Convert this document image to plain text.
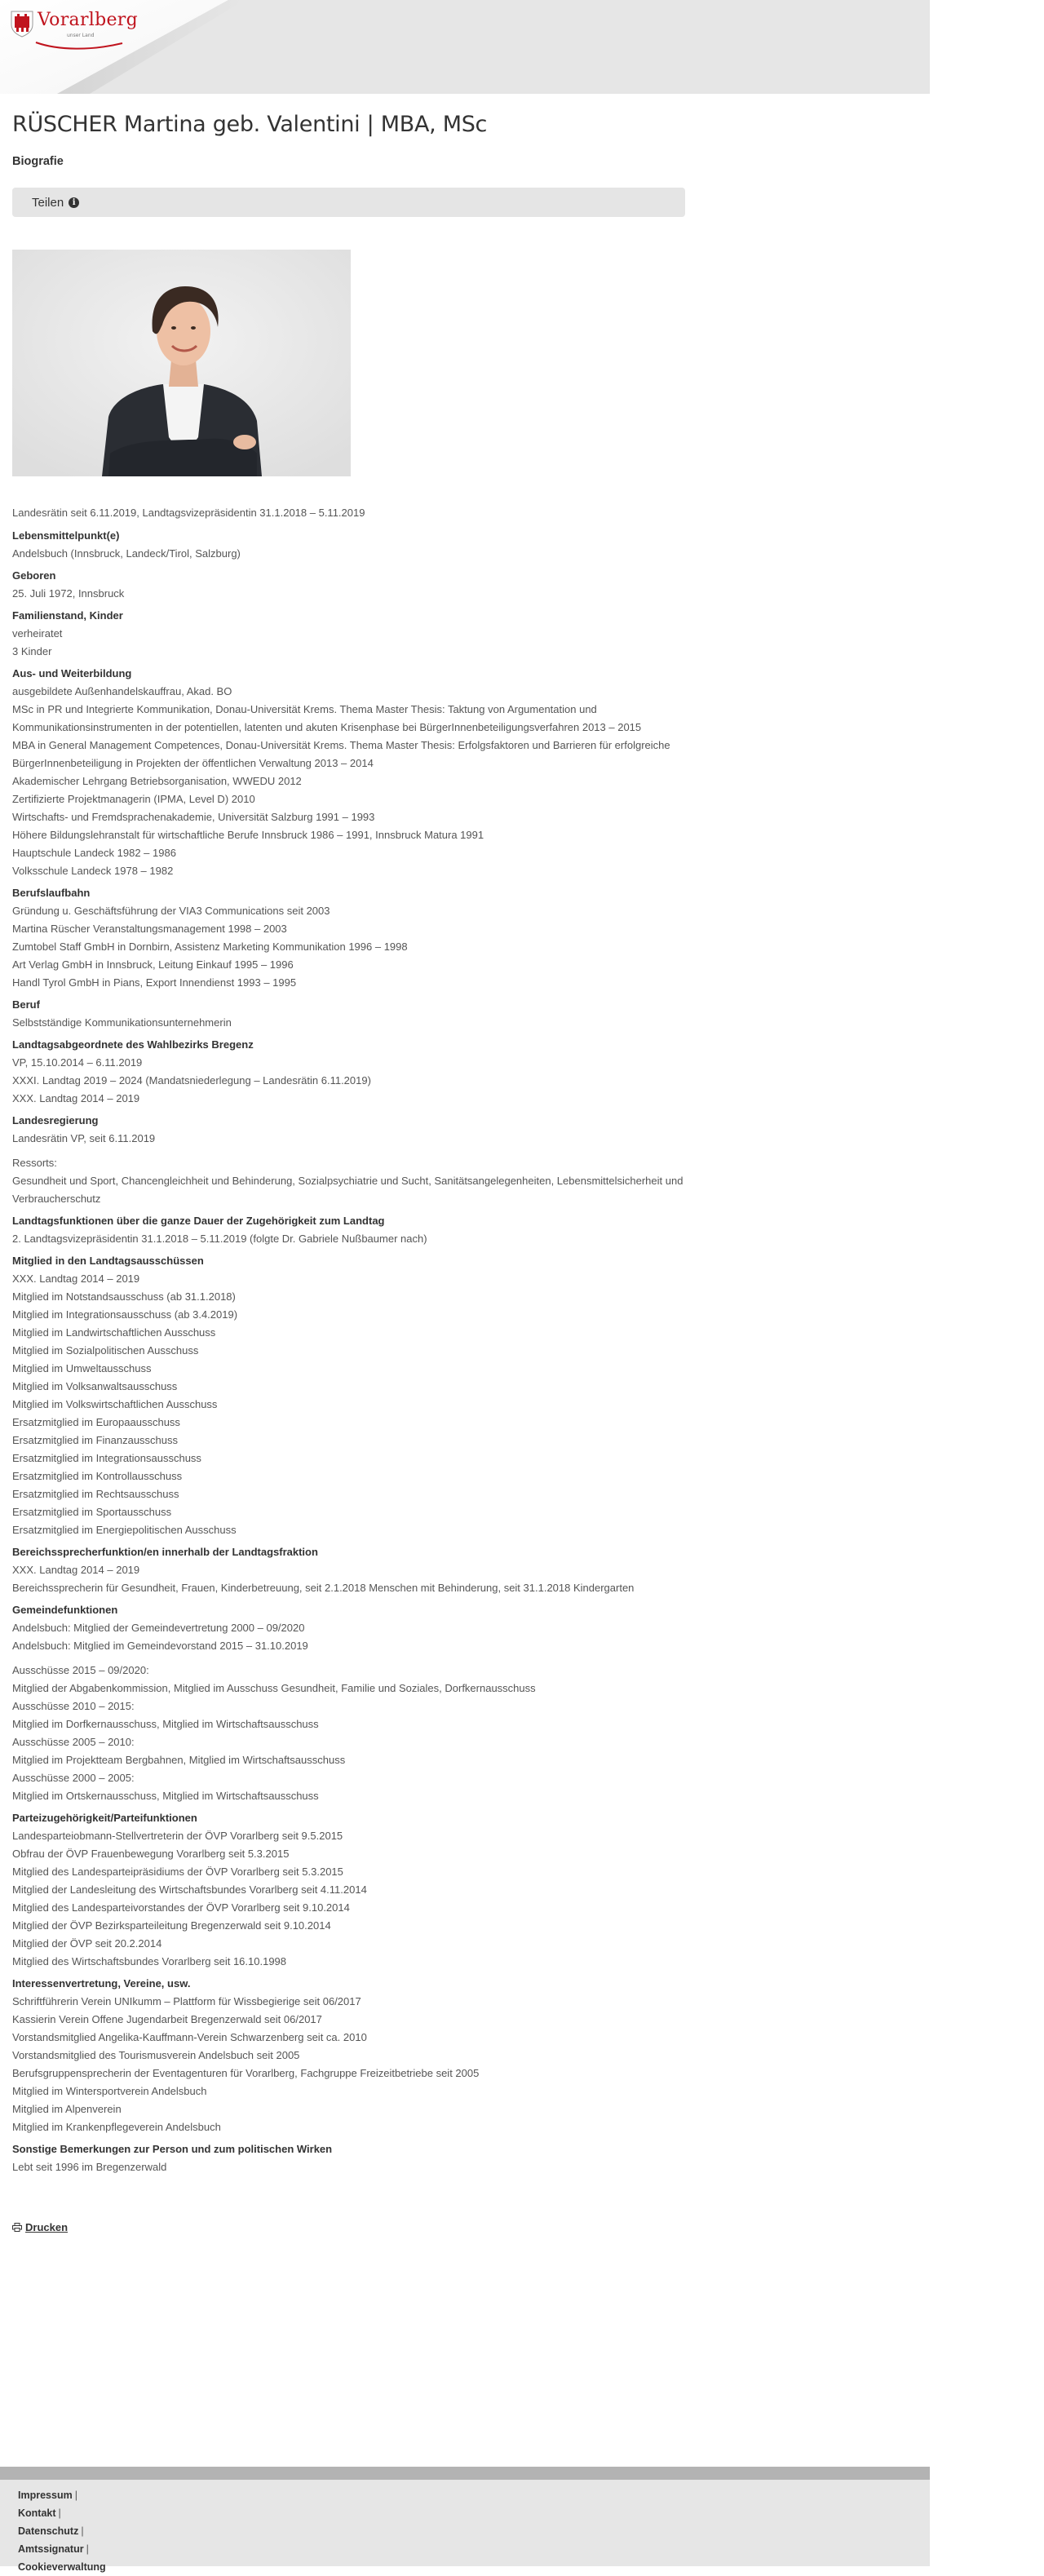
Vorarlberg
unser Land
RÜSCHER Martina geb. Valentini | MBA, MSc
Biografie
Teilen	i
Landesrätin seit 6.11.2019, Landtagsvizepräsidentin 31.1.2018 – 5.11.2019
Lebensmittelpunkt(e)
Andelsbuch (Innsbruck, Landeck/Tirol, Salzburg)
Geboren
25. Juli 1972, Innsbruck
Familienstand, Kinder
verheiratet
3 Kinder
Aus- und Weiterbildung
ausgebildete Außenhandelskauffrau, Akad. BO
MSc in PR und Integrierte Kommunikation, Donau-Universität Krems. Thema Master Thesis: Taktung von Argumentation und Kommunikationsinstrumenten in der potentiellen, latenten und akuten Krisenphase bei BürgerInnenbeteiligungsverfahren 2013 – 2015
MBA in General Management Competences, Donau-Universität Krems. Thema Master Thesis: Erfolgsfaktoren und Barrieren für erfolgreiche BürgerInnenbeteiligung in Projekten der öffentlichen Verwaltung 2013 – 2014
Akademischer Lehrgang Betriebsorganisation, WWEDU 2012
Zertifizierte Projektmanagerin (IPMA, Level D) 2010
Wirtschafts- und Fremdsprachenakademie, Universität Salzburg 1991 – 1993
Höhere Bildungslehranstalt für wirtschaftliche Berufe Innsbruck 1986 – 1991, Innsbruck Matura 1991
Hauptschule Landeck 1982 – 1986
Volksschule Landeck 1978 – 1982
Berufslaufbahn
Gründung u. Geschäftsführung der VIA3 Communications seit 2003
Martina Rüscher Veranstaltungsmanagement 1998 – 2003
Zumtobel Staff GmbH in Dornbirn, Assistenz Marketing Kommunikation 1996 – 1998
Art Verlag GmbH in Innsbruck, Leitung Einkauf 1995 – 1996
Handl Tyrol GmbH in Pians, Export Innendienst 1993 – 1995
Beruf
Selbstständige Kommunikationsunternehmerin
Landtagsabgeordnete des Wahlbezirks Bregenz
VP, 15.10.2014 – 6.11.2019
XXXI. Landtag 2019 – 2024 (Mandatsniederlegung – Landesrätin 6.11.2019)
XXX. Landtag 2014 – 2019
Landesregierung
Landesrätin VP, seit 6.11.2019
Ressorts:
Gesundheit und Sport, Chancengleichheit und Behinderung, Sozialpsychiatrie und Sucht, Sanitätsangelegenheiten, Lebensmittelsicherheit und Verbraucherschutz
Landtagsfunktionen über die ganze Dauer der Zugehörigkeit zum Landtag
2. Landtagsvizepräsidentin 31.1.2018 – 5.11.2019 (folgte Dr. Gabriele Nußbaumer nach)
Mitglied in den Landtagsausschüssen
XXX. Landtag 2014 – 2019
Mitglied im Notstandsausschuss (ab 31.1.2018)
Mitglied im Integrationsausschuss (ab 3.4.2019)
Mitglied im Landwirtschaftlichen Ausschuss
Mitglied im Sozialpolitischen Ausschuss
Mitglied im Umweltausschuss
Mitglied im Volksanwaltsausschuss
Mitglied im Volkswirtschaftlichen Ausschuss
Ersatzmitglied im Europaausschuss
Ersatzmitglied im Finanzausschuss
Ersatzmitglied im Integrationsausschuss
Ersatzmitglied im Kontrollausschuss
Ersatzmitglied im Rechtsausschuss
Ersatzmitglied im Sportausschuss
Ersatzmitglied im Energiepolitischen Ausschuss
Bereichssprecherfunktion/en innerhalb der Landtagsfraktion
XXX. Landtag 2014 – 2019
Bereichssprecherin für Gesundheit, Frauen, Kinderbetreuung, seit 2.1.2018 Menschen mit Behinderung, seit 31.1.2018 Kindergarten
Gemeindefunktionen
Andelsbuch: Mitglied der Gemeindevertretung 2000 – 09/2020
Andelsbuch: Mitglied im Gemeindevorstand 2015 – 31.10.2019
Ausschüsse 2015 – 09/2020:
Mitglied der Abgabenkommission, Mitglied im Ausschuss Gesundheit, Familie und Soziales, Dorfkernausschuss
Ausschüsse 2010 – 2015:
Mitglied im Dorfkernausschuss, Mitglied im Wirtschaftsausschuss
Ausschüsse 2005 – 2010:
Mitglied im Projektteam Bergbahnen, Mitglied im Wirtschaftsausschuss
Ausschüsse 2000 – 2005:
Mitglied im Ortskernausschuss, Mitglied im Wirtschaftsausschuss
Parteizugehörigkeit/Parteifunktionen
Landesparteiobmann-Stellvertreterin der ÖVP Vorarlberg seit 9.5.2015
Obfrau der ÖVP Frauenbewegung Vorarlberg seit 5.3.2015
Mitglied des Landesparteipräsidiums der ÖVP Vorarlberg seit 5.3.2015
Mitglied der Landesleitung des Wirtschaftsbundes Vorarlberg seit 4.11.2014
Mitglied des Landesparteivorstandes der ÖVP Vorarlberg seit 9.10.2014
Mitglied der ÖVP Bezirksparteileitung Bregenzerwald seit 9.10.2014
Mitglied der ÖVP seit 20.2.2014
Mitglied des Wirtschaftsbundes Vorarlberg seit 16.10.1998
Interessenvertretung, Vereine, usw.
Schriftführerin Verein UNIkumm – Plattform für Wissbegierige seit 06/2017
Kassierin Verein Offene Jugendarbeit Bregenzerwald seit 06/2017
Vorstandsmitglied Angelika-Kauffmann-Verein Schwarzenberg seit ca. 2010
Vorstandsmitglied des Tourismusverein Andelsbuch seit 2005
Berufsgruppensprecherin der Eventagenturen für Vorarlberg, Fachgruppe Freizeitbetriebe seit 2005
Mitglied im Wintersportverein Andelsbuch
Mitglied im Alpenverein
Mitglied im Krankenpflegeverein Andelsbuch
Sonstige Bemerkungen zur Person und zum politischen Wirken
Lebt seit 1996 im Bregenzerwald
Drucken
Impressum |
Kontakt |
Datenschutz |
Amtssignatur |
Cookieverwaltung
